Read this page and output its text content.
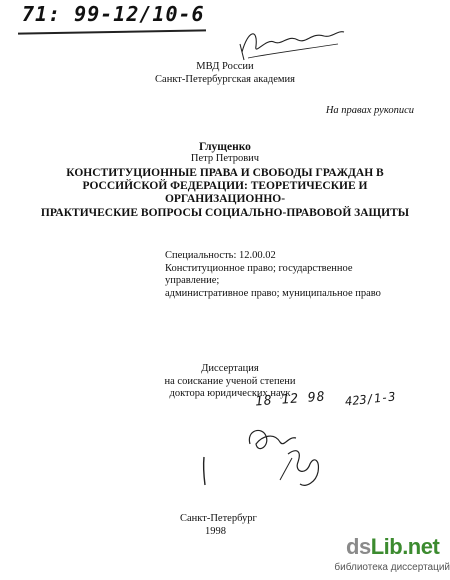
71: 99-12/10-6
МВД России
Санкт-Петербургская академия
На правах рукописи
Глущенко
Петр Петрович
КОНСТИТУЦИОННЫЕ ПРАВА И СВОБОДЫ ГРАЖДАН В
РОССИЙСКОЙ ФЕДЕРАЦИИ: ТЕОРЕТИЧЕСКИЕ И
ОРГАНИЗАЦИОННО-
ПРАКТИЧЕСКИЕ ВОПРОСЫ СОЦИАЛЬНО-ПРАВОВОЙ ЗАЩИТЫ
Специальность: 12.00.02
Конституционное право; государственное управление;
административное право; муниципальное право
Диссертация
на соискание ученой степени
доктора юридических наук
18 12 98 423/1-3
Санкт-Петербург
1998
dsLib.net
библиотека диссертаций
